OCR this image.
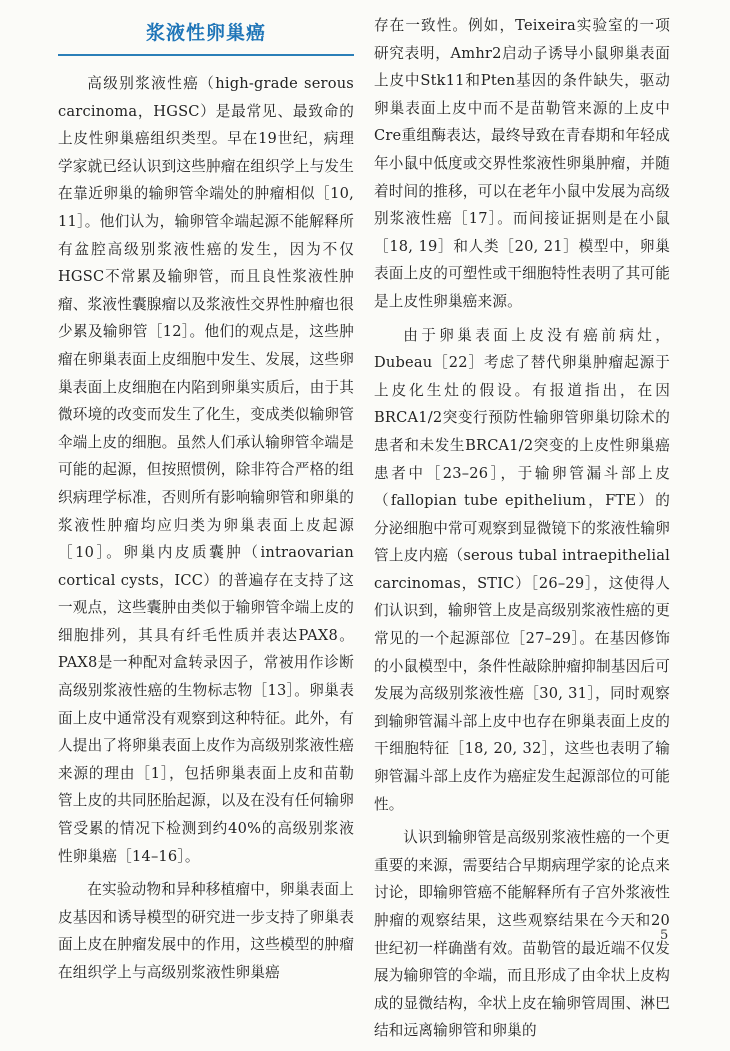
浆液性卵巢癌

高级别浆液性癌（high-grade serous carcinoma，HGSC）是最常见、最致命的上皮性卵巢癌组织类型。早在19世纪，病理学家就已经认识到这些肿瘤在组织学上与发生在靠近卵巢的输卵管伞端处的肿瘤相似［10, 11］。他们认为，输卵管伞端起源不能解释所有盆腔高级别浆液性癌的发生，因为不仅HGSC不常累及输卵管，而且良性浆液性肿瘤、浆液性囊腺瘤以及浆液性交界性肿瘤也很少累及输卵管［12］。他们的观点是，这些肿瘤在卵巢表面上皮细胞中发生、发展，这些卵巢表面上皮细胞在内陷到卵巢实质后，由于其微环境的改变而发生了化生，变成类似输卵管伞端上皮的细胞。虽然人们承认输卵管伞端是可能的起源，但按照惯例，除非符合严格的组织病理学标准，否则所有影响输卵管和卵巢的浆液性肿瘤均应归类为卵巢表面上皮起源［10］。卵巢内皮质囊肿（intraovarian cortical cysts，ICC）的普遍存在支持了这一观点，这些囊肿由类似于输卵管伞端上皮的细胞排列，其具有纤毛性质并表达PAX8。PAX8是一种配对盒转录因子，常被用作诊断高级别浆液性癌的生物标志物［13］。卵巢表面上皮中通常没有观察到这种特征。此外，有人提出了将卵巢表面上皮作为高级别浆液性癌来源的理由［1］，包括卵巢表面上皮和苗勒管上皮的共同胚胎起源，以及在没有任何输卵管受累的情况下检测到约40%的高级别浆液性卵巢癌［14–16］。

在实验动物和异种移植瘤中，卵巢表面上皮基因和诱导模型的研究进一步支持了卵巢表面上皮在肿瘤发展中的作用，这些模型的肿瘤在组织学上与高级别浆液性卵巢癌

存在一致性。例如，Teixeira实验室的一项研究表明，Amhr2启动子诱导小鼠卵巢表面上皮中Stk11和Pten基因的条件缺失，驱动卵巢表面上皮中而不是苗勒管来源的上皮中Cre重组酶表达，最终导致在青春期和年轻成年小鼠中低度或交界性浆液性卵巢肿瘤，并随着时间的推移，可以在老年小鼠中发展为高级别浆液性癌［17］。而间接证据则是在小鼠［18, 19］和人类［20, 21］模型中，卵巢表面上皮的可塑性或干细胞特性表明了其可能是上皮性卵巢癌来源。

由于卵巢表面上皮没有癌前病灶，Dubeau［22］考虑了替代卵巢肿瘤起源于上皮化生灶的假设。有报道指出，在因BRCA1/2突变行预防性输卵管卵巢切除术的患者和未发生BRCA1/2突变的上皮性卵巢癌患者中［23–26］，于输卵管漏斗部上皮（fallopian tube epithelium，FTE）的分泌细胞中常可观察到显微镜下的浆液性输卵管上皮内癌（serous tubal intraepithelial carcinomas，STIC）［26–29］，这使得人们认识到，输卵管上皮是高级别浆液性癌的更常见的一个起源部位［27–29］。在基因修饰的小鼠模型中，条件性敲除肿瘤抑制基因后可发展为高级别浆液性癌［30, 31］，同时观察到输卵管漏斗部上皮中也存在卵巢表面上皮的干细胞特征［18, 20, 32］，这些也表明了输卵管漏斗部上皮作为癌症发生起源部位的可能性。

认识到输卵管是高级别浆液性癌的一个更重要的来源，需要结合早期病理学家的论点来讨论，即输卵管癌不能解释所有子宫外浆液性肿瘤的观察结果，这些观察结果在今天和20世纪初一样确凿有效。苗勒管的最近端不仅发展为输卵管的伞端，而且形成了由伞状上皮构成的显微结构，伞状上皮在输卵管周围、淋巴结和远离输卵管和卵巢的

5
